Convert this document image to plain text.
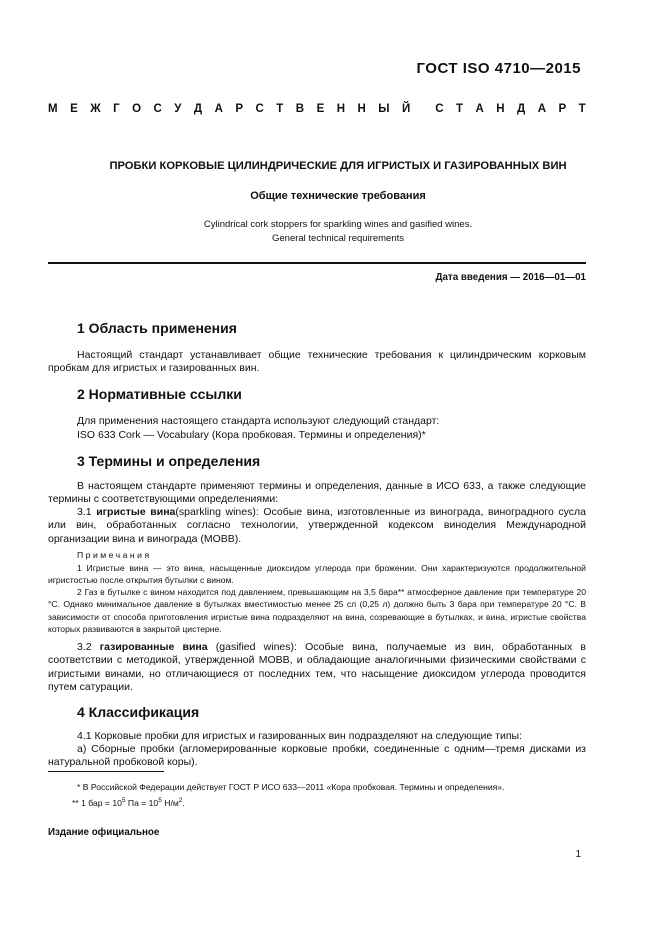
ГОСТ ISO 4710—2015
М Е Ж Г О С У Д А Р С Т В Е Н Н Ы Й С Т А Н Д А Р Т
ПРОБКИ КОРКОВЫЕ ЦИЛИНДРИЧЕСКИЕ ДЛЯ ИГРИСТЫХ И ГАЗИРОВАННЫХ ВИН
Общие технические требования
Cylindrical cork stoppers for sparkling wines and gasified wines.
General technical requirements
Дата введения — 2016—01—01
1 Область применения
Настоящий стандарт устанавливает общие технические требования к цилиндрическим корковым пробкам для игристых и газированных вин.
2 Нормативные ссылки
Для применения настоящего стандарта используют следующий стандарт:
ISO 633 Cork — Vocabulary (Кора пробковая. Термины и определения)*
3 Термины и определения
В настоящем стандарте применяют термины и определения, данные в ИСО 633, а также следующие термины с соответствующими определениями:
3.1 игристые вина(sparkling wines): Особые вина, изготовленные из винограда, виноградного сусла или вин, обработанных согласно технологии, утвержденной кодексом виноделия Международной организации вина и винограда (МОВВ).
Примечания
1 Игристые вина — это вина, насыщенные диоксидом углерода при брожении. Они характеризуются продолжительной игристостью после открытия бутылки с вином.
2 Газ в бутылке с вином находится под давлением, превышающим на 3,5 бара** атмосферное давление при температуре 20 °С. Однако минимальное давление в бутылках вместимостью менее 25 cл (0,25 л) должно быть 3 бара при температуре 20 °С. В зависимости от способа приготовления игристые вина подразделяют на вина, созревающие в бутылках, и вина, игристые свойства которых развиваются в закрытой цистерне.
3.2 газированные вина (gasified wines): Особые вина, получаемые из вин, обработанных в соответствии с методикой, утвержденной МОВВ, и обладающие аналогичными физическими свойствами с игристыми винами, но отличающиеся от последних тем, что насыщение диоксидом углерода проводится путем сатурации.
4 Классификация
4.1 Корковые пробки для игристых и газированных вин подразделяют на следующие типы:
а) Сборные пробки (агломерированные корковые пробки, соединенные с одним—тремя дисками из натуральной пробковой коры).
* В Российской Федерации действует ГОСТ Р ИСО 633—2011 «Кора пробковая. Термины и определения».
** 1 бар = $10^5$ Па = $10^5$ $Н/м^2$.
Издание официальное
1
